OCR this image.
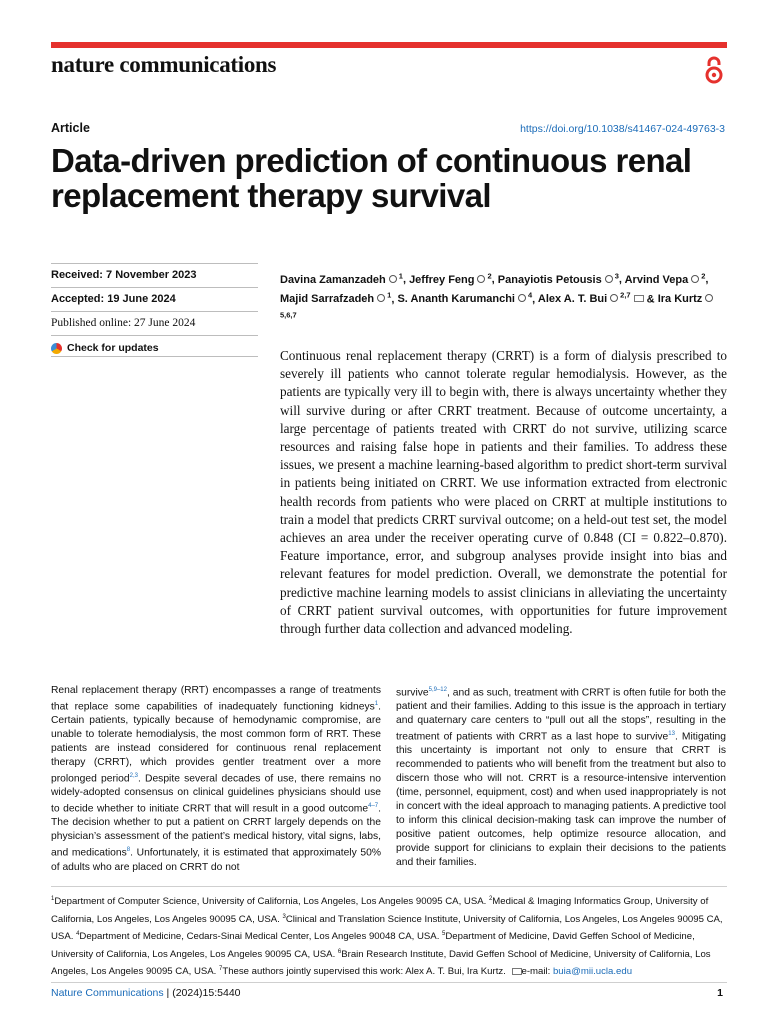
nature communications
Article	https://doi.org/10.1038/s41467-024-49763-3
Data-driven prediction of continuous renal replacement therapy survival
Received: 7 November 2023
Accepted: 19 June 2024
Published online: 27 June 2024
Check for updates
Davina Zamanzadeh $^1$, Jeffrey Feng $^2$, Panayiotis Petousis $^3$, Arvind Vepa $^2$, Majid Sarrafzadeh $^1$, S. Ananth Karumanchi $^4$, Alex A. T. Bui $^{2,7}$ & Ira Kurtz$^{5,6,7}$

Continuous renal replacement therapy (CRRT) is a form of dialysis prescribed to severely ill patients who cannot tolerate regular hemodialysis. However, as the patients are typically very ill to begin with, there is always uncertainty whether they will survive during or after CRRT treatment. Because of outcome uncertainty, a large percentage of patients treated with CRRT do not survive, utilizing scarce resources and raising false hope in patients and their families. To address these issues, we present a machine learning-based algorithm to predict short-term survival in patients being initiated on CRRT. We use information extracted from electronic health records from patients who were placed on CRRT at multiple institutions to train a model that predicts CRRT survival outcome; on a held-out test set, the model achieves an area under the receiver operating curve of 0.848 (CI = 0.822–0.870). Feature importance, error, and subgroup analyses provide insight into bias and relevant features for model prediction. Overall, we demonstrate the potential for predictive machine learning models to assist clinicians in alleviating the uncertainty of CRRT patient survival outcomes, with opportunities for future improvement through further data collection and advanced modeling.

Renal replacement therapy (RRT) encompasses a range of treatments that replace some capabilities of inadequately functioning kidneys$^1$. Certain patients, typically because of hemodynamic compromise, are unable to tolerate hemodialysis, the most common form of RRT. These patients are instead considered for continuous renal replacement therapy (CRRT), which provides gentler treatment over a more prolonged period$^{2,3}$. Despite several decades of use, there remains no widely-adopted consensus on clinical guidelines physicians should use to decide whether to initiate CRRT that will result in a good outcome$^{4-7}$. The decision whether to put a patient on CRRT largely depends on the physician’s assessment of the patient’s medical history, vital signs, labs, and medications$^8$. Unfortunately, it is estimated that approximately 50% of adults who are placed on CRRT do not
survive$^{5,9-12}$, and as such, treatment with CRRT is often futile for both the patient and their families. Adding to this issue is the approach in tertiary and quaternary care centers to “pull out all the stops”, resulting in the treatment of patients with CRRT as a last hope to survive$^{13}$. Mitigating this uncertainty is important not only to ensure that CRRT is recommended to patients who will benefit from the treatment but also to discern those who will not. CRRT is a resource-intensive intervention (time, personnel, equipment, cost) and when used inappropriately is not in concert with the ideal approach to managing patients. A predictive tool to inform this clinical decision-making task can improve the number of positive patient outcomes, help optimize resource allocation, and provide support for clinicians to explain their decisions to the patients and their families.
$^1$Department of Computer Science, University of California, Los Angeles, Los Angeles 90095 CA, USA. $^2$Medical & Imaging Informatics Group, University of California, Los Angeles, Los Angeles 90095 CA, USA. $^3$Clinical and Translation Science Institute, University of California, Los Angeles, Los Angeles 90095 CA, USA. $^4$Department of Medicine, Cedars-Sinai Medical Center, Los Angeles 90048 CA, USA. $^5$Department of Medicine, David Geffen School of Medicine, University of California, Los Angeles, Los Angeles 90095 CA, USA. $^6$Brain Research Institute, David Geffen School of Medicine, University of California, Los Angeles, Los Angeles 90095 CA, USA. $^7$These authors jointly supervised this work: Alex A. T. Bui, Ira Kurtz. e-mail: buia@mii.ucla.edu
Nature Communications | (2024)15:5440	1
